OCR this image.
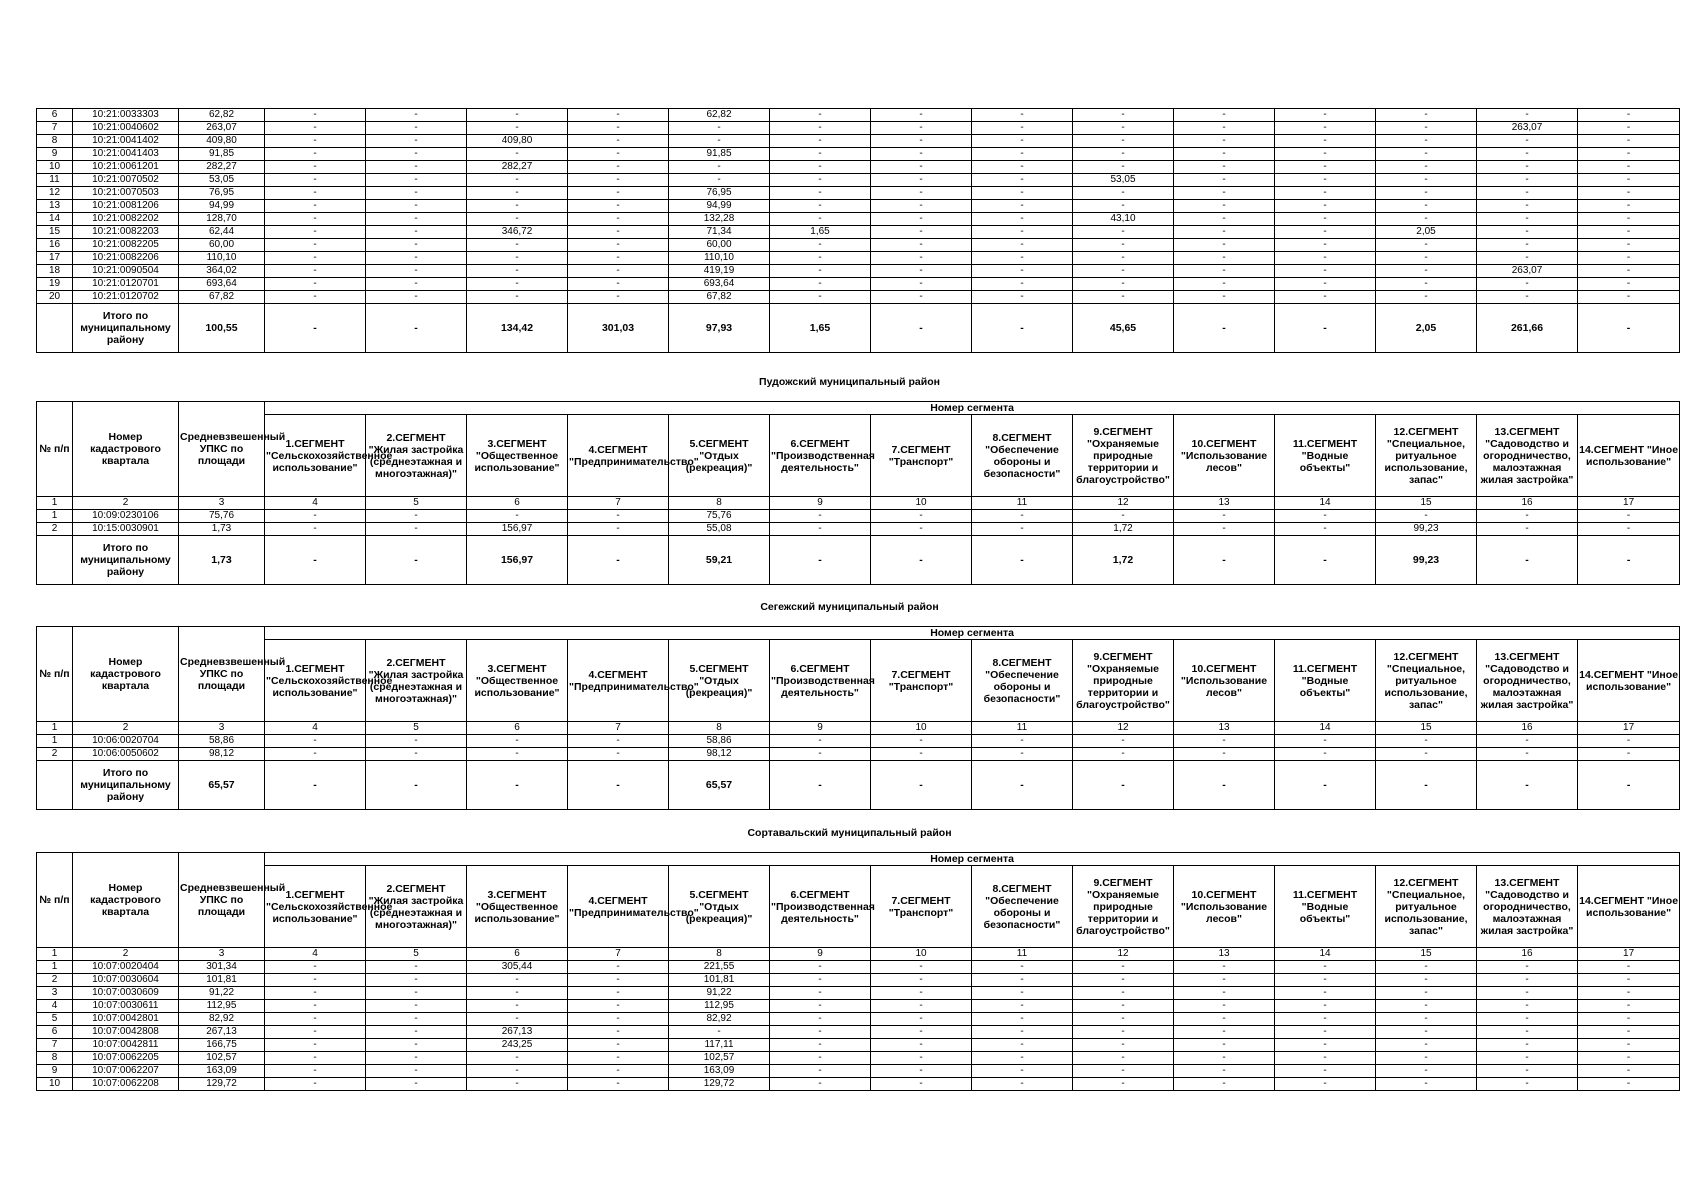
6	10:21:0033303	62,82	-	-	-	-	62,82	-	-	-	-	-	-	-	-	-
7	10:21:0040602	263,07	-	-	-	-	-	-	-	-	-	-	-	-	263,07	-
8	10:21:0041402	409,80	-	-	409,80	-	-	-	-	-	-	-	-	-	-	-
9	10:21:0041403	91,85	-	-	-	-	91,85	-	-	-	-	-	-	-	-	-
10	10:21:0061201	282,27	-	-	282,27	-	-	-	-	-	-	-	-	-	-	-
11	10:21:0070502	53,05	-	-	-	-	-	-	-	-	53,05	-	-	-	-	-
12	10:21:0070503	76,95	-	-	-	-	76,95	-	-	-	-	-	-	-	-	-
13	10:21:0081206	94,99	-	-	-	-	94,99	-	-	-	-	-	-	-	-	-
14	10:21:0082202	128,70	-	-	-	-	132,28	-	-	-	43,10	-	-	-	-	-
15	10:21:0082203	62,44	-	-	346,72	-	71,34	1,65	-	-	-	-	-	2,05	-	-
16	10:21:0082205	60,00	-	-	-	-	60,00	-	-	-	-	-	-	-	-	-
17	10:21:0082206	110,10	-	-	-	-	110,10	-	-	-	-	-	-	-	-	-
18	10:21:0090504	364,02	-	-	-	-	419,19	-	-	-	-	-	-	-	263,07	-
19	10:21:0120701	693,64	-	-	-	-	693,64	-	-	-	-	-	-	-	-	-
20	10:21:0120702	67,82	-	-	-	-	67,82	-	-	-	-	-	-	-	-	-
	Итого по муниципальному району	100,55	-	-	134,42	301,03	97,93	1,65	-	-	45,65	-	-	2,05	261,66	-
Пудожский муниципальный район
№ п/п	Номер кадастрового квартала	Средневзвешенный УПКС по площади	Номер сегмента													
			1.СЕГМЕНТ "Сельскохозяйственное использование"	2.СЕГМЕНТ "Жилая застройка (среднеэтажная и многоэтажная)"	3.СЕГМЕНТ "Общественное использование"	4.СЕГМЕНТ "Предпринимательство"	5.СЕГМЕНТ "Отдых (рекреация)"	6.СЕГМЕНТ "Производственная деятельность"	7.СЕГМЕНТ "Транспорт"	8.СЕГМЕНТ "Обеспечение обороны и безопасности"	9.СЕГМЕНТ "Охраняемые природные территории и благоустройство"	10.СЕГМЕНТ "Использование лесов"	11.СЕГМЕНТ "Водные объекты"	12.СЕГМЕНТ "Специальное, ритуальное использование, запас"	13.СЕГМЕНТ "Садоводство и огородничество, малоэтажная жилая застройка"	14.СЕГМЕНТ "Иное использование"
1	2	3	4	5	6	7	8	9	10	11	12	13	14	15	16	17
1	10:09:0230106	75,76	-	-	-	-	75,76	-	-	-	-	-	-	-	-	-
2	10:15:0030901	1,73	-	-	156,97	-	55,08	-	-	-	1,72	-	-	99,23	-	-
	Итого по муниципальному району	1,73	-	-	156,97	-	59,21	-	-	-	1,72	-	-	99,23	-	-
Сегежский муниципальный район
№ п/п	Номер кадастрового квартала	Средневзвешенный УПКС по площади	Номер сегмента													
			1.СЕГМЕНТ "Сельскохозяйственное использование"	2.СЕГМЕНТ "Жилая застройка (среднеэтажная и многоэтажная)"	3.СЕГМЕНТ "Общественное использование"	4.СЕГМЕНТ "Предпринимательство"	5.СЕГМЕНТ "Отдых (рекреация)"	6.СЕГМЕНТ "Производственная деятельность"	7.СЕГМЕНТ "Транспорт"	8.СЕГМЕНТ "Обеспечение обороны и безопасности"	9.СЕГМЕНТ "Охраняемые природные территории и благоустройство"	10.СЕГМЕНТ "Использование лесов"	11.СЕГМЕНТ "Водные объекты"	12.СЕГМЕНТ "Специальное, ритуальное использование, запас"	13.СЕГМЕНТ "Садоводство и огородничество, малоэтажная жилая застройка"	14.СЕГМЕНТ "Иное использование"
1	2	3	4	5	6	7	8	9	10	11	12	13	14	15	16	17
1	10:06:0020704	58,86	-	-	-	-	58,86	-	-	-	-	-	-	-	-	-
2	10:06:0050602	98,12	-	-	-	-	98,12	-	-	-	-	-	-	-	-	-
	Итого по муниципальному району	65,57	-	-	-	-	65,57	-	-	-	-	-	-	-	-	-
Сортавальский муниципальный район
№ п/п	Номер кадастрового квартала	Средневзвешенный УПКС по площади	Номер сегмента													
			1.СЕГМЕНТ "Сельскохозяйственное использование"	2.СЕГМЕНТ "Жилая застройка (среднеэтажная и многоэтажная)"	3.СЕГМЕНТ "Общественное использование"	4.СЕГМЕНТ "Предпринимательство"	5.СЕГМЕНТ "Отдых (рекреация)"	6.СЕГМЕНТ "Производственная деятельность"	7.СЕГМЕНТ "Транспорт"	8.СЕГМЕНТ "Обеспечение обороны и безопасности"	9.СЕГМЕНТ "Охраняемые природные территории и благоустройство"	10.СЕГМЕНТ "Использование лесов"	11.СЕГМЕНТ "Водные объекты"	12.СЕГМЕНТ "Специальное, ритуальное использование, запас"	13.СЕГМЕНТ "Садоводство и огородничество, малоэтажная жилая застройка"	14.СЕГМЕНТ "Иное использование"
1	2	3	4	5	6	7	8	9	10	11	12	13	14	15	16	17
1	10:07:0020404	301,34	-	-	305,44	-	221,55	-	-	-	-	-	-	-	-	-
2	10:07:0030604	101,81	-	-	-	-	101,81	-	-	-	-	-	-	-	-	-
3	10:07:0030609	91,22	-	-	-	-	91,22	-	-	-	-	-	-	-	-	-
4	10:07:0030611	112,95	-	-	-	-	112,95	-	-	-	-	-	-	-	-	-
5	10:07:0042801	82,92	-	-	-	-	82,92	-	-	-	-	-	-	-	-	-
6	10:07:0042808	267,13	-	-	267,13	-	-	-	-	-	-	-	-	-	-	-
7	10:07:0042811	166,75	-	-	243,25	-	117,11	-	-	-	-	-	-	-	-	-
8	10:07:0062205	102,57	-	-	-	-	102,57	-	-	-	-	-	-	-	-	-
9	10:07:0062207	163,09	-	-	-	-	163,09	-	-	-	-	-	-	-	-	-
10	10:07:0062208	129,72	-	-	-	-	129,72	-	-	-	-	-	-	-	-	-
